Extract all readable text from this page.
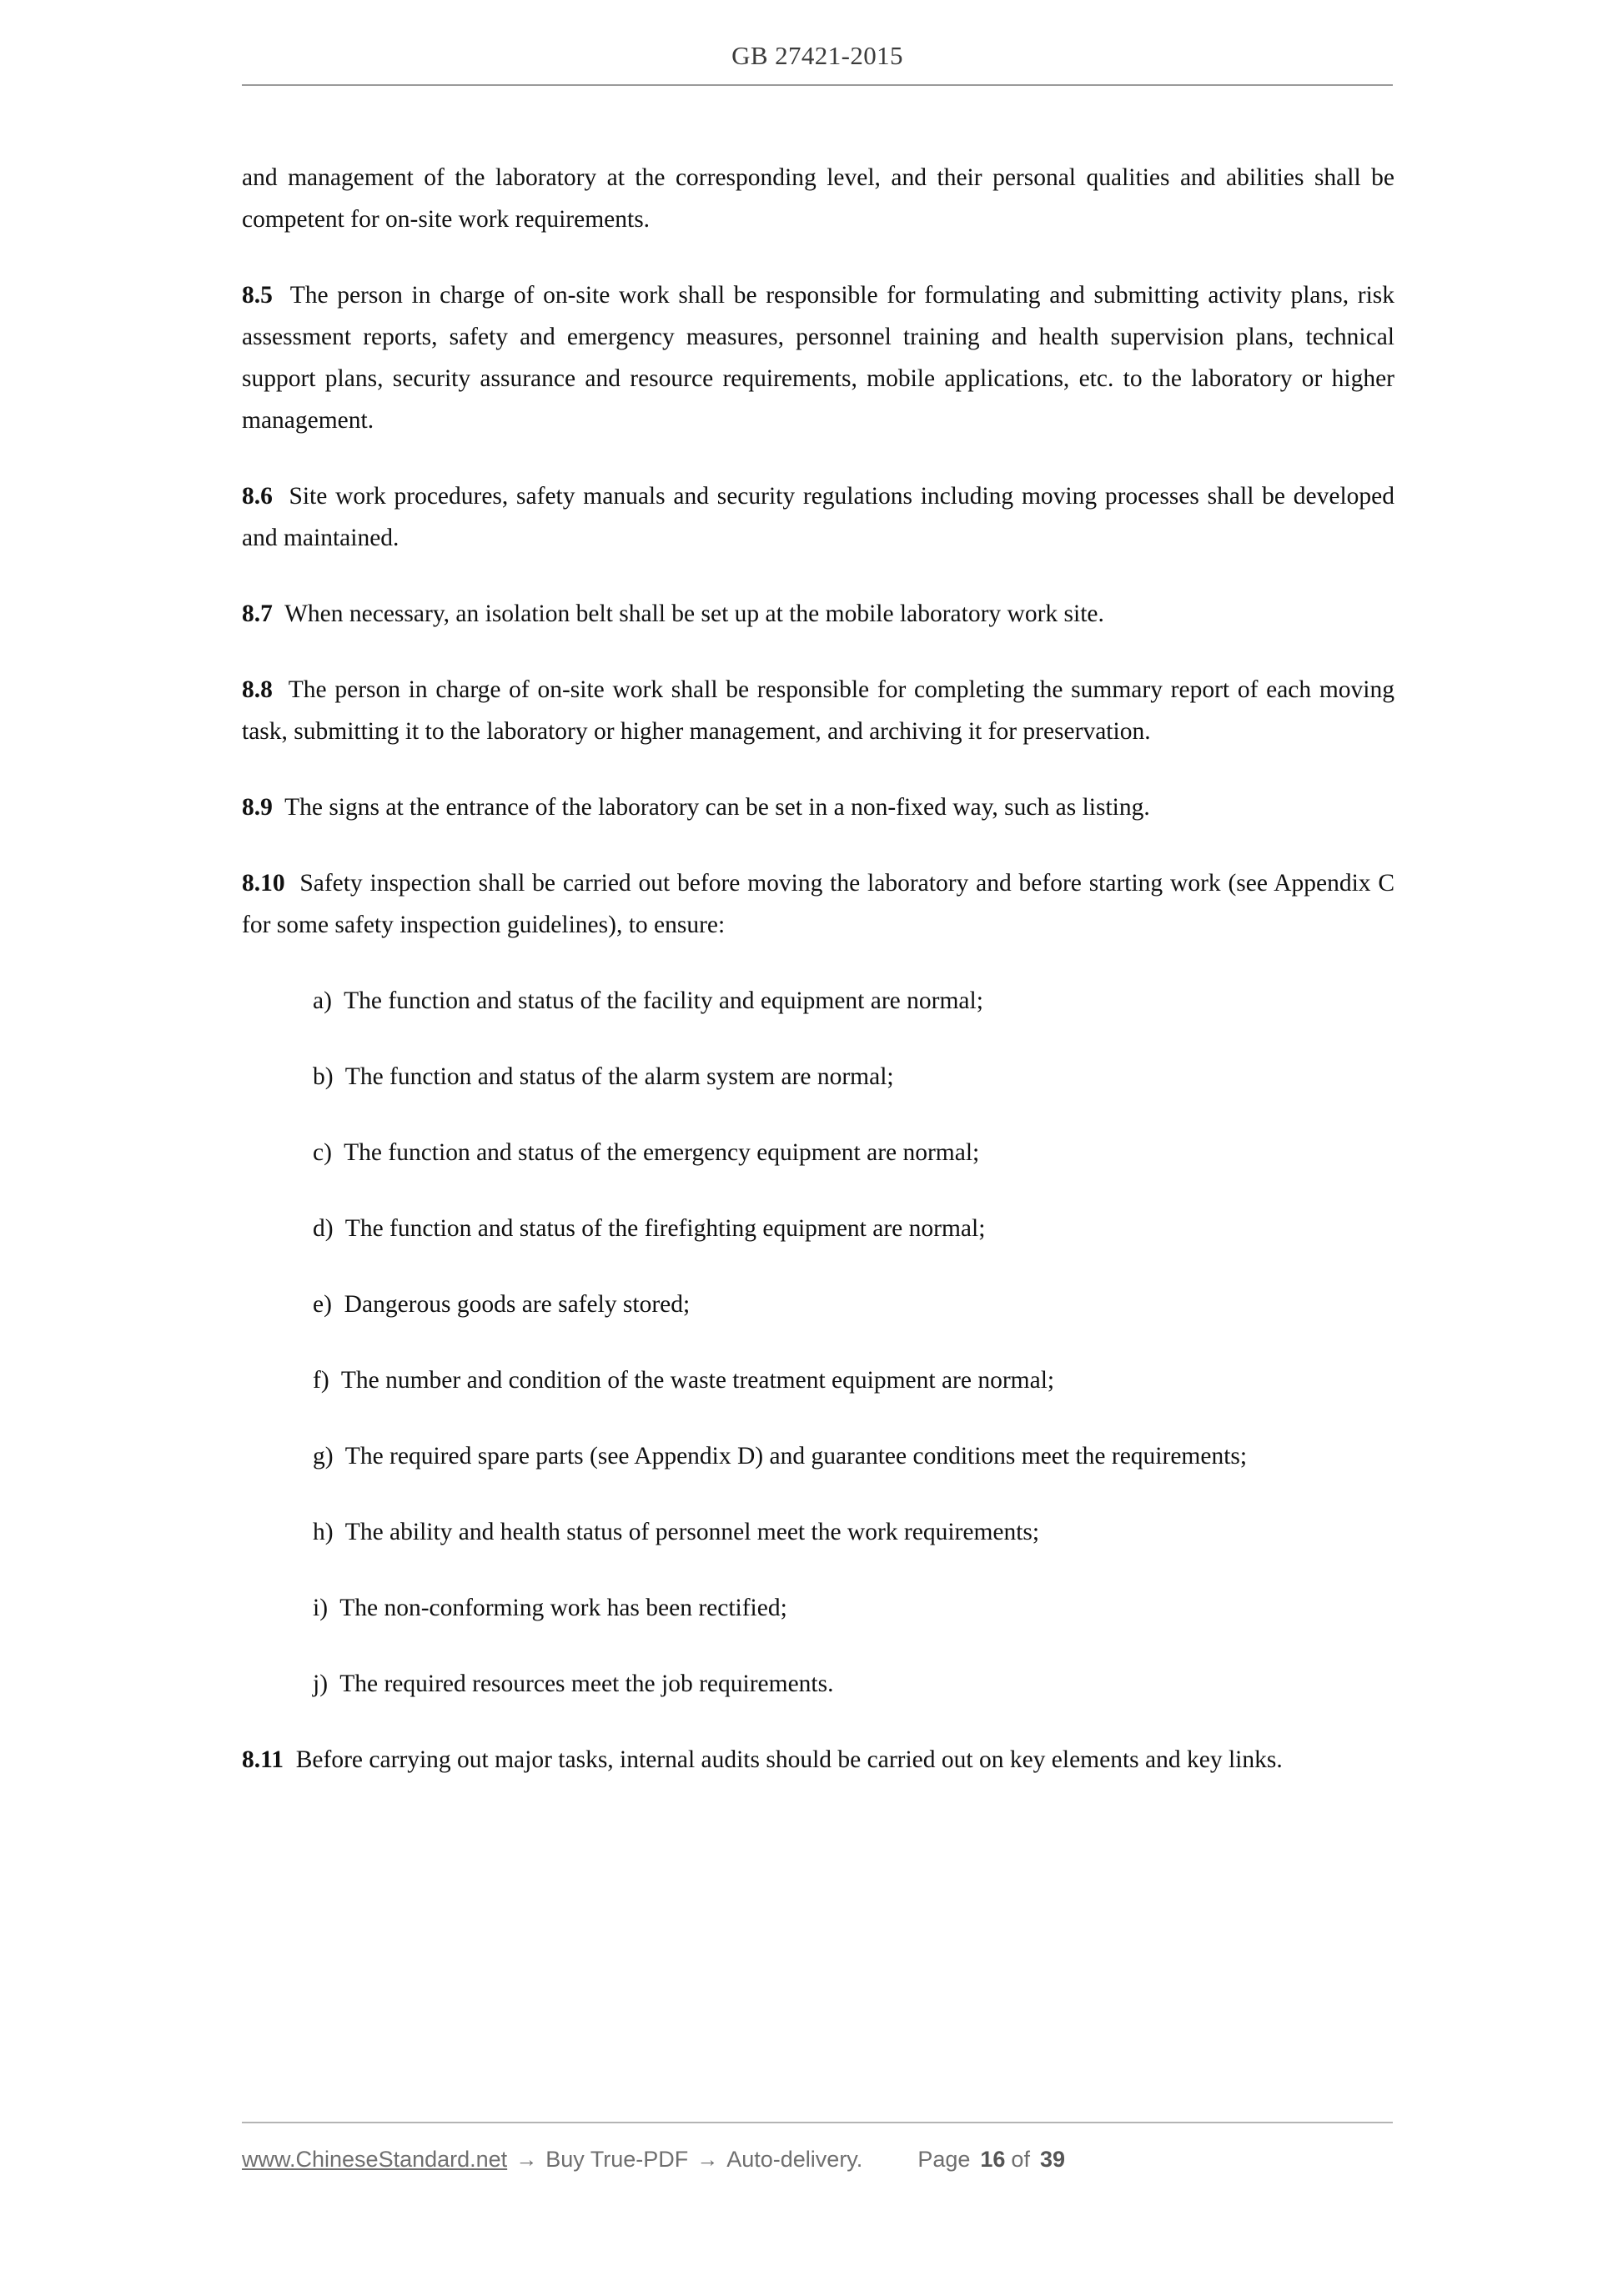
GB 27421-2015

and management of the laboratory at the corresponding level, and their personal qualities and abilities shall be competent for on-site work requirements.

8.5  The person in charge of on-site work shall be responsible for formulating and submitting activity plans, risk assessment reports, safety and emergency measures, personnel training and health supervision plans, technical support plans, security assurance and resource requirements, mobile applications, etc. to the laboratory or higher management.

8.6  Site work procedures, safety manuals and security regulations including moving processes shall be developed and maintained.

8.7  When necessary, an isolation belt shall be set up at the mobile laboratory work site.

8.8  The person in charge of on-site work shall be responsible for completing the summary report of each moving task, submitting it to the laboratory or higher management, and archiving it for preservation.

8.9  The signs at the entrance of the laboratory can be set in a non-fixed way, such as listing.

8.10  Safety inspection shall be carried out before moving the laboratory and before starting work (see Appendix C for some safety inspection guidelines), to ensure:

a)  The function and status of the facility and equipment are normal;
b)  The function and status of the alarm system are normal;
c)  The function and status of the emergency equipment are normal;
d)  The function and status of the firefighting equipment are normal;
e)  Dangerous goods are safely stored;
f)  The number and condition of the waste treatment equipment are normal;
g)  The required spare parts (see Appendix D) and guarantee conditions meet the requirements;
h)  The ability and health status of personnel meet the work requirements;
i)  The non-conforming work has been rectified;
j)  The required resources meet the job requirements.

8.11  Before carrying out major tasks, internal audits should be carried out on key elements and key links.

www.ChineseStandard.net → Buy True-PDF → Auto-delivery. Page 16 of 39
